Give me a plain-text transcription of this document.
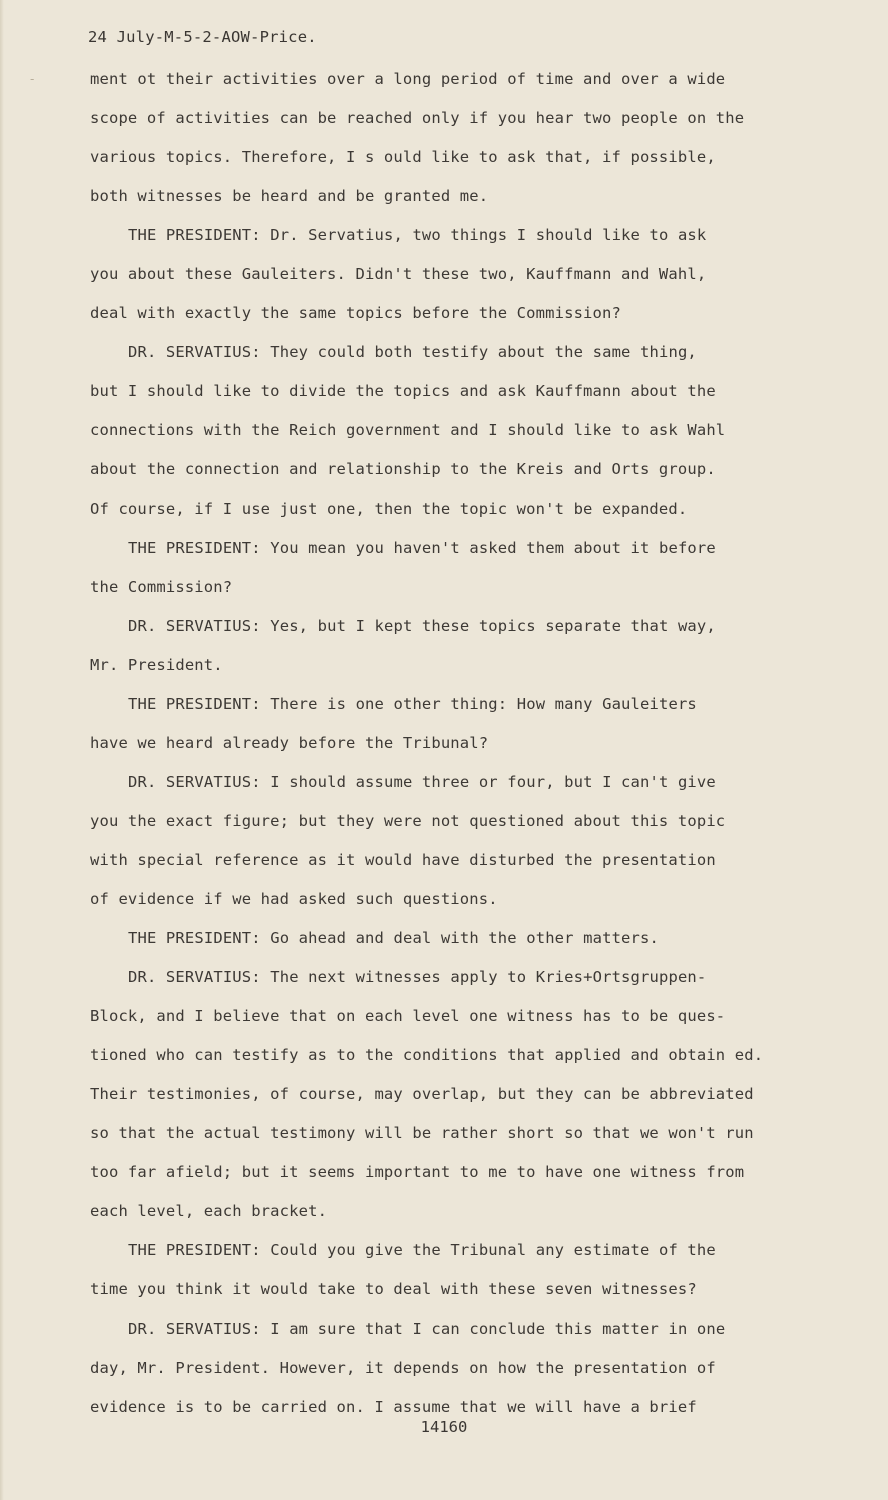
-
24 July-M-5-2-AOW-Price.
ment ot their activities over a long period of time and over a wide
scope of activities can be reached only if you hear two people on the
various topics. Therefore, I s ould like to ask that, if possible,
both witnesses be heard and be granted me.
THE PRESIDENT: Dr. Servatius, two things I should like to ask
you about these Gauleiters. Didn't these two, Kauffmann and Wahl,
deal with exactly the same topics before the Commission?
DR. SERVATIUS: They could both testify about the same thing,
but I should like to divide the topics and ask Kauffmann about the
connections with the Reich government and I should like to ask Wahl
about the connection and relationship to the Kreis and Orts group.
Of course, if I use just one, then the topic won't be expanded.
THE PRESIDENT: You mean you haven't asked them about it before
the Commission?
DR. SERVATIUS: Yes, but I kept these topics separate that way,
Mr. President.
THE PRESIDENT: There is one other thing: How many Gauleiters
have we heard already before the Tribunal?
DR. SERVATIUS: I should assume three or four, but I can't give
you the exact figure; but they were not questioned about this topic
with special reference as it would have disturbed the presentation
of evidence if we had asked such questions.
THE PRESIDENT: Go ahead and deal with the other matters.
DR. SERVATIUS: The next witnesses apply to Kries+Ortsgruppen-
Block, and I believe that on each level one witness has to be ques-
tioned who can testify as to the conditions that applied and obtain ed.
Their testimonies, of course, may overlap, but they can be abbreviated
so that the actual testimony will be rather short so that we won't run
too far afield; but it seems important to me to have one witness from
each level, each bracket.
THE PRESIDENT: Could you give the Tribunal any estimate of the
time you think it would take to deal with these seven witnesses?
DR. SERVATIUS: I am sure that I can conclude this matter in one
day, Mr. President. However, it depends on how the presentation of
evidence is to be carried on. I assume that we will have a brief
14160
